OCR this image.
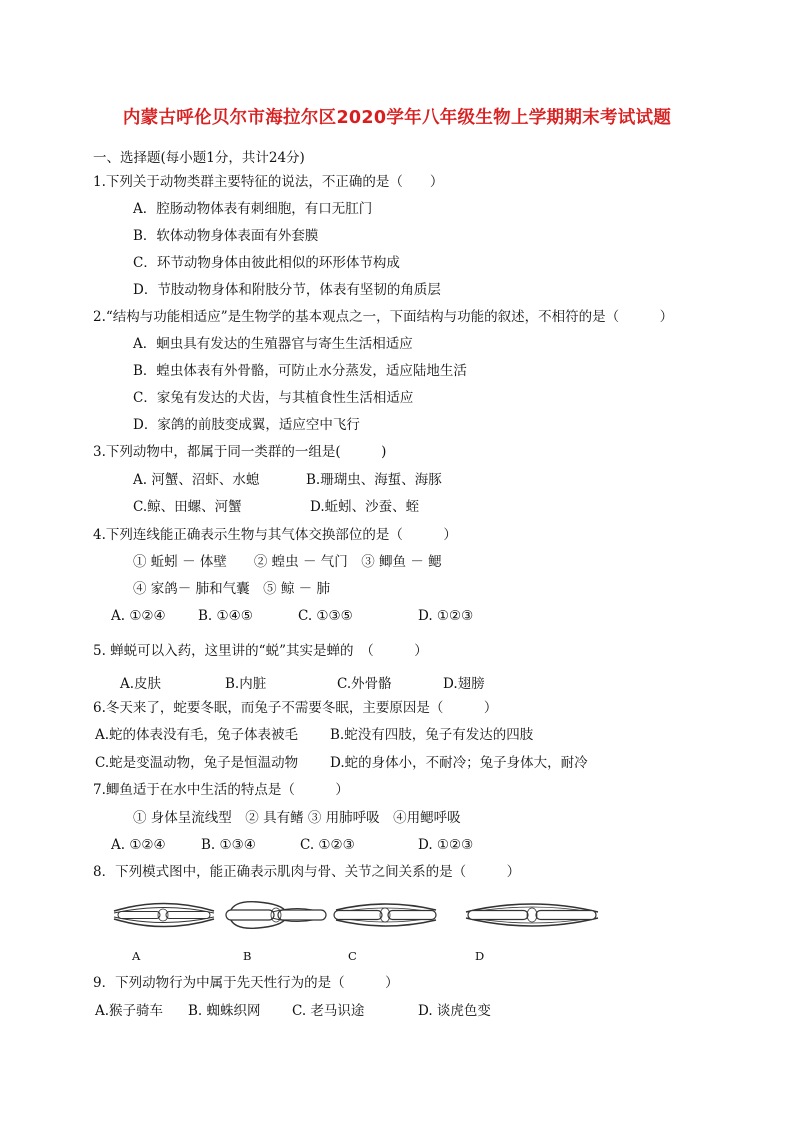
内蒙古呼伦贝尔市海拉尔区2020学年八年级生物上学期期末考试试题
一、选择题(每小题1分，共计24分)
1.下列关于动物类群主要特征的说法，不正确的是（　　）
A．腔肠动物体表有刺细胞，有口无肛门
B．软体动物身体表面有外套膜
C．环节动物身体由彼此相似的环形体节构成
D．节肢动物身体和附肢分节，体表有坚韧的角质层
2.“结构与功能相适应”是生物学的基本观点之一，下面结构与功能的叙述，不相符的是（　　　）
A．蛔虫具有发达的生殖器官与寄生生活相适应
B．蝗虫体表有外骨骼，可防止水分蒸发，适应陆地生活
C．家兔有发达的犬齿，与其植食性生活相适应
D．家鸽的前肢变成翼，适应空中飞行
3.下列动物中，都属于同一类群的一组是(　　　)
A. 河蟹、沼虾、水螅	B.珊瑚虫、海蜇、海豚
C.鲸、田螺、河蟹	D.蚯蚓、沙蚕、蛭
4.下列连线能正确表示生物与其气体交换部位的是（　　　）
① 蚯蚓 － 体壁　　② 蝗虫 － 气门　③ 鲫鱼 － 鳃
④ 家鸽－ 肺和气囊　⑤ 鲸 － 肺
A. ①②④ B. ①④⑤	C. ①③⑤	D. ①②③
5. 蝉蜕可以入药，这里讲的“蜕”其实是蝉的　（　　　）
A.皮肤	B.内脏	C.外骨骼	D.翅膀
6.冬天来了，蛇要冬眠，而兔子不需要冬眠，主要原因是（　　　）
A.蛇的体表没有毛，兔子体表被毛 B.蛇没有四肢，兔子有发达的四肢
C.蛇是变温动物，兔子是恒温动物 D.蛇的身体小，不耐冷；兔子身体大，耐冷
7.鲫鱼适于在水中生活的特点是（　　　）
① 身体呈流线型　② 具有鳍 ③ 用肺呼吸　④用鳃呼吸
A. ①②④	B. ①③④	C. ①②③	D. ①②③
8．下列模式图中，能正确表示肌肉与骨、关节之间关系的是（　　　）
A	B	C	D
9．下列动物行为中属于先天性行为的是（　　　）
A.猴子骑车 B. 蜘蛛织网 C. 老马识途	D. 谈虎色变
